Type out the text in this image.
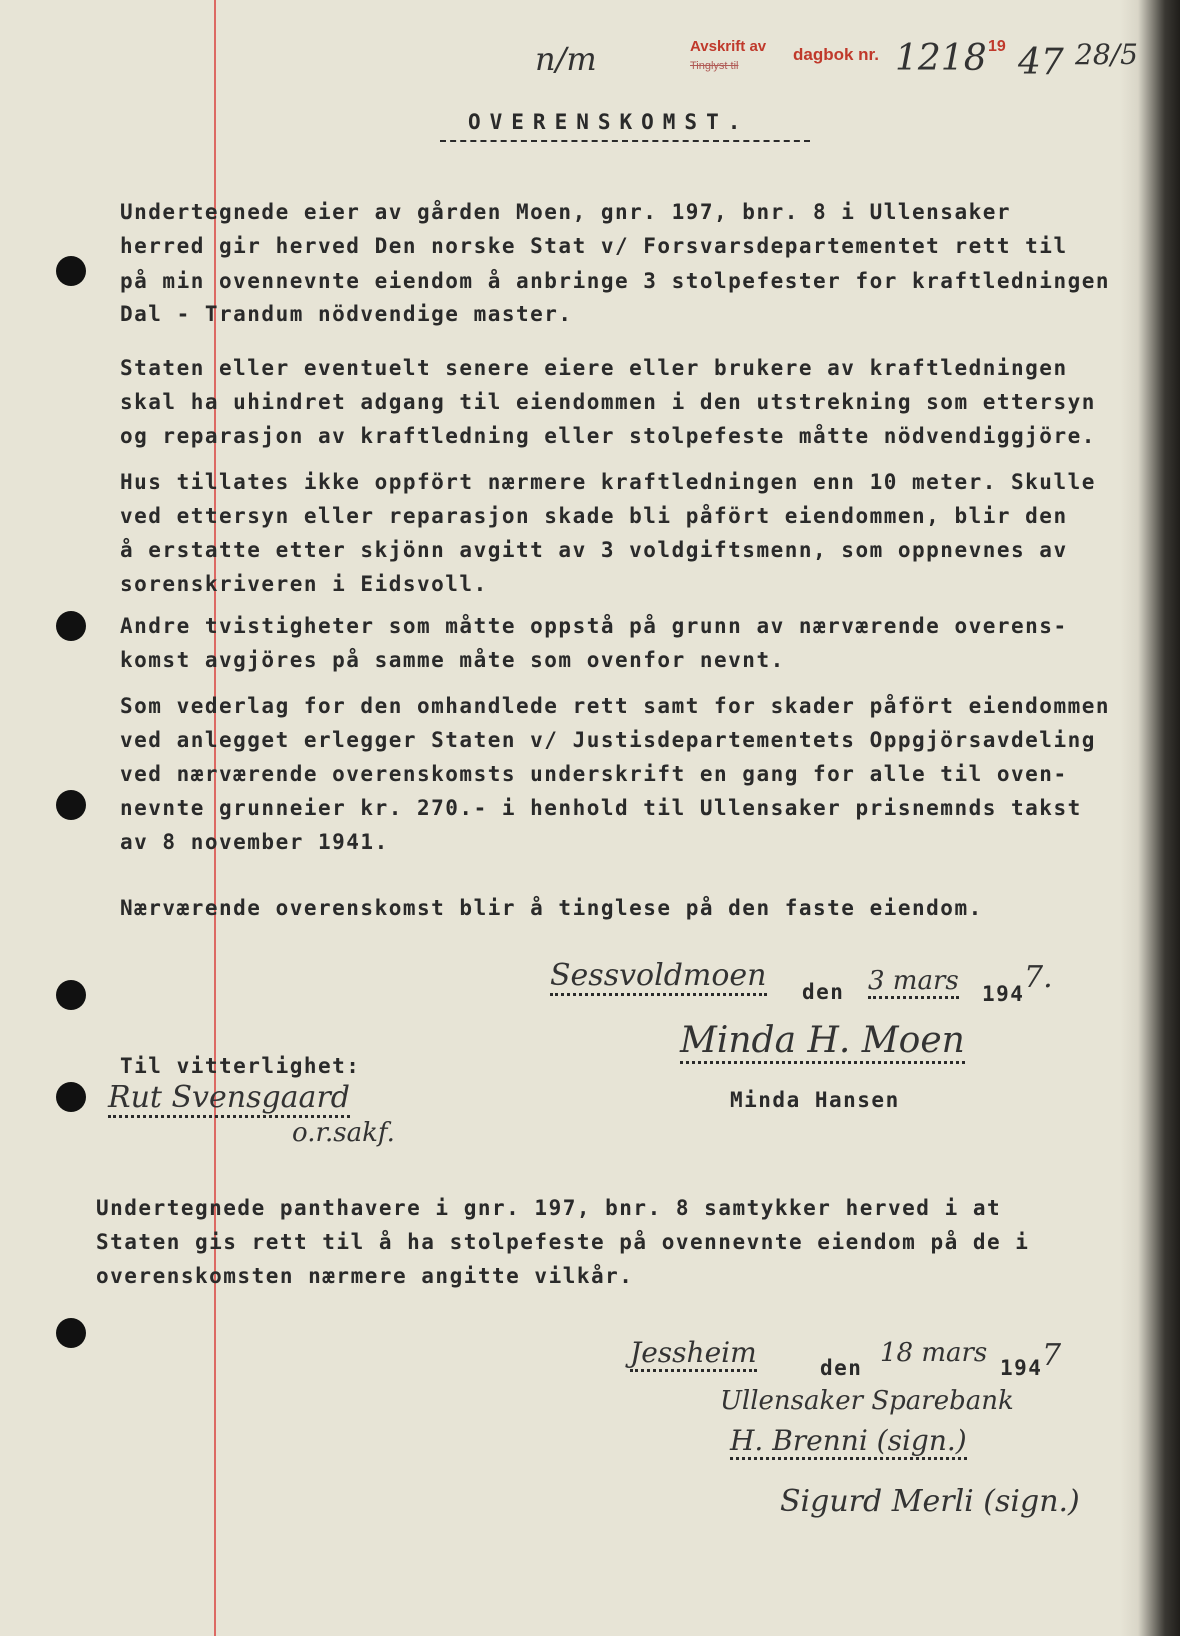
n/m	Avskrift av
Tinglyst til
dagbok nr. 1218 19 47 28/5
OVERENSKOMST.
Undertegnede eier av gården Moen, gnr. 197, bnr. 8 i Ullensaker
herred gir herved Den norske Stat v/ Forsvarsdepartementet rett til
på min ovennevnte eiendom å anbringe 3 stolpefester for kraftledningen
Dal - Trandum nödvendige master.
Staten eller eventuelt senere eiere eller brukere av kraftledningen
skal ha uhindret adgang til eiendommen i den utstrekning som ettersyn
og reparasjon av kraftledning eller stolpefeste måtte nödvendiggjöre.
Hus tillates ikke oppfört nærmere kraftledningen enn 10 meter. Skulle
ved ettersyn eller reparasjon skade bli påfört eiendommen, blir den
å erstatte etter skjönn avgitt av 3 voldgiftsmenn, som oppnevnes av
sorenskriveren i Eidsvoll.
Andre tvistigheter som måtte oppstå på grunn av nærværende overens-
komst avgjöres på samme måte som ovenfor nevnt.
Som vederlag for den omhandlede rett samt for skader påfört eiendommen
ved anlegget erlegger Staten v/ Justisdepartementets Oppgjörsavdeling
ved nærværende overenskomsts underskrift en gang for alle til oven-
nevnte grunneier kr. 270.- i henhold til Ullensaker prisnemnds takst
av 8 november 1941.
Nærværende overenskomst blir å tinglese på den faste eiendom.
Sessvoldmoen den 3 mars 194 7.
Til vitterlighet:
Rut Svensgaard
o.r.sakf.
Minda H. Moen
Minda Hansen
Undertegnede panthavere i gnr. 197, bnr. 8 samtykker herved i at
Staten gis rett til å ha stolpefeste på ovennevnte eiendom på de i
overenskomsten nærmere angitte vilkår.
Jessheim	den 18 mars 194 7
Ullensaker Sparebank
H. Brenni (sign.)
Sigurd Merli (sign.)
